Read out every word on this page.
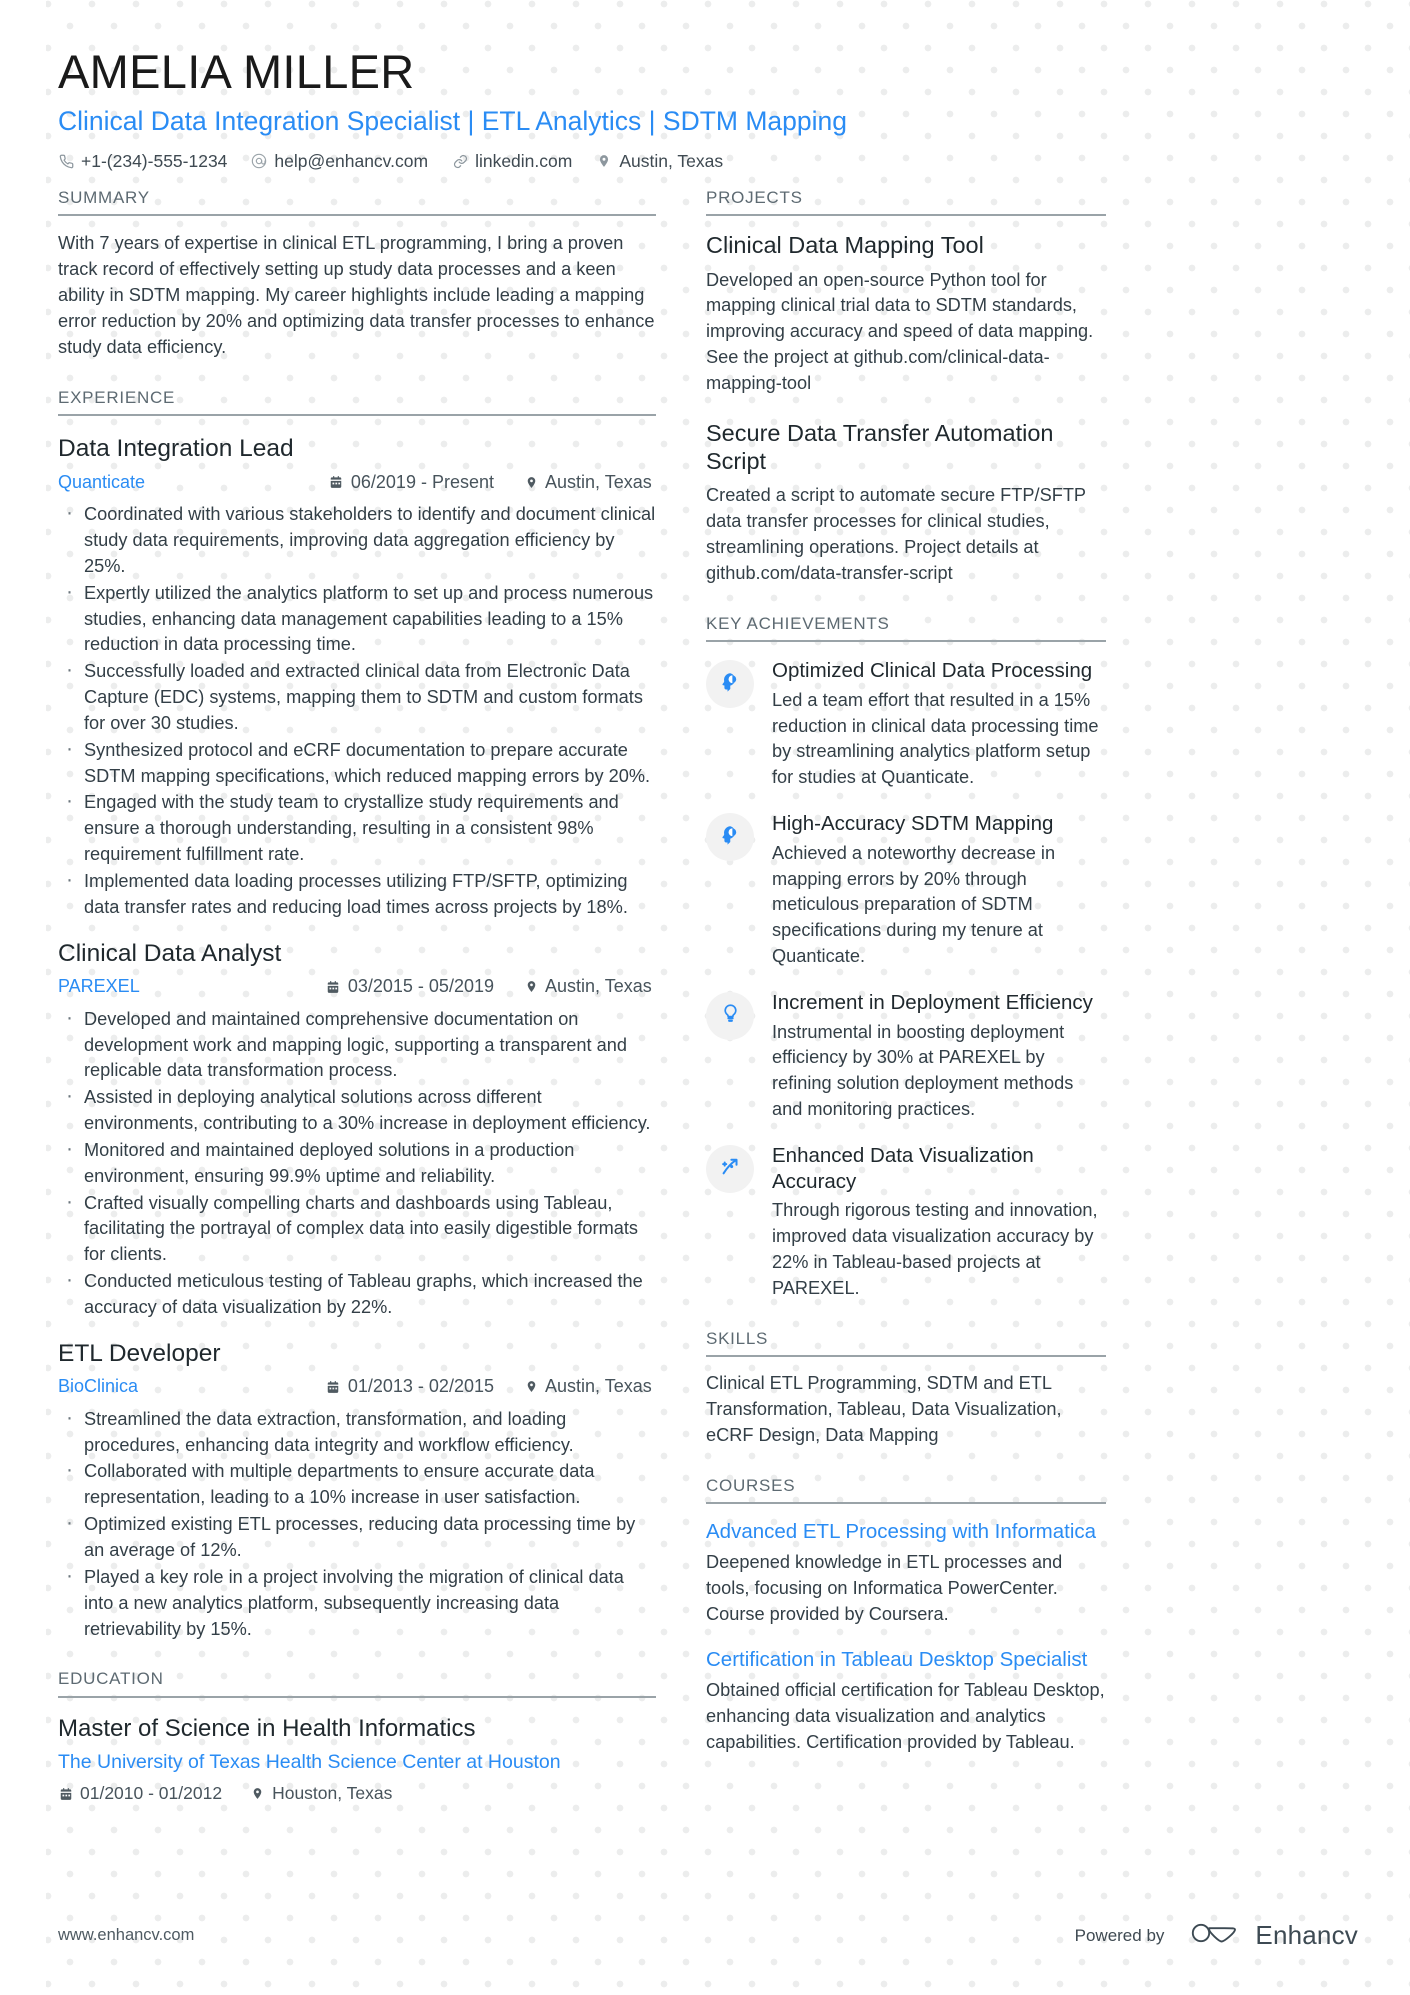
AMELIA MILLER
Clinical Data Integration Specialist | ETL Analytics | SDTM Mapping
+1-(234)-555-1234	help@enhancv.com	linkedin.com	Austin, Texas
SUMMARY
With 7 years of expertise in clinical ETL programming, I bring a proven track record of effectively setting up study data processes and a keen ability in SDTM mapping. My career highlights include leading a mapping error reduction by 20% and optimizing data transfer processes to enhance study data efficiency.
EXPERIENCE
Data Integration Lead
Quanticate	06/2019 - Present	Austin, Texas
· Coordinated with various stakeholders to identify and document clinical study data requirements, improving data aggregation efficiency by 25%.
· Expertly utilized the analytics platform to set up and process numerous studies, enhancing data management capabilities leading to a 15% reduction in data processing time.
· Successfully loaded and extracted clinical data from Electronic Data Capture (EDC) systems, mapping them to SDTM and custom formats for over 30 studies.
· Synthesized protocol and eCRF documentation to prepare accurate SDTM mapping specifications, which reduced mapping errors by 20%.
· Engaged with the study team to crystallize study requirements and ensure a thorough understanding, resulting in a consistent 98% requirement fulfillment rate.
· Implemented data loading processes utilizing FTP/SFTP, optimizing data transfer rates and reducing load times across projects by 18%.
Clinical Data Analyst
PAREXEL	03/2015 - 05/2019	Austin, Texas
· Developed and maintained comprehensive documentation on development work and mapping logic, supporting a transparent and replicable data transformation process.
· Assisted in deploying analytical solutions across different environments, contributing to a 30% increase in deployment efficiency.
· Monitored and maintained deployed solutions in a production environment, ensuring 99.9% uptime and reliability.
· Crafted visually compelling charts and dashboards using Tableau, facilitating the portrayal of complex data into easily digestible formats for clients.
· Conducted meticulous testing of Tableau graphs, which increased the accuracy of data visualization by 22%.
ETL Developer
BioClinica	01/2013 - 02/2015	Austin, Texas
· Streamlined the data extraction, transformation, and loading procedures, enhancing data integrity and workflow efficiency.
· Collaborated with multiple departments to ensure accurate data representation, leading to a 10% increase in user satisfaction.
· Optimized existing ETL processes, reducing data processing time by an average of 12%.
· Played a key role in a project involving the migration of clinical data into a new analytics platform, subsequently increasing data retrievability by 15%.
EDUCATION
Master of Science in Health Informatics
The University of Texas Health Science Center at Houston
01/2010 - 01/2012	Houston, Texas
PROJECTS
Clinical Data Mapping Tool
Developed an open-source Python tool for mapping clinical trial data to SDTM standards, improving accuracy and speed of data mapping. See the project at github.com/clinical-data-mapping-tool
Secure Data Transfer Automation Script
Created a script to automate secure FTP/SFTP data transfer processes for clinical studies, streamlining operations. Project details at github.com/data-transfer-script
KEY ACHIEVEMENTS
Optimized Clinical Data Processing
Led a team effort that resulted in a 15% reduction in clinical data processing time by streamlining analytics platform setup for studies at Quanticate.
High-Accuracy SDTM Mapping
Achieved a noteworthy decrease in mapping errors by 20% through meticulous preparation of SDTM specifications during my tenure at Quanticate.
Increment in Deployment Efficiency
Instrumental in boosting deployment efficiency by 30% at PAREXEL by refining solution deployment methods and monitoring practices.
Enhanced Data Visualization Accuracy
Through rigorous testing and innovation, improved data visualization accuracy by 22% in Tableau-based projects at PAREXEL.
SKILLS
Clinical ETL Programming, SDTM and ETL Transformation, Tableau, Data Visualization, eCRF Design, Data Mapping
COURSES
Advanced ETL Processing with Informatica
Deepened knowledge in ETL processes and tools, focusing on Informatica PowerCenter. Course provided by Coursera.
Certification in Tableau Desktop Specialist
Obtained official certification for Tableau Desktop, enhancing data visualization and analytics capabilities. Certification provided by Tableau.
www.enhancv.com	Powered by	Enhancv
